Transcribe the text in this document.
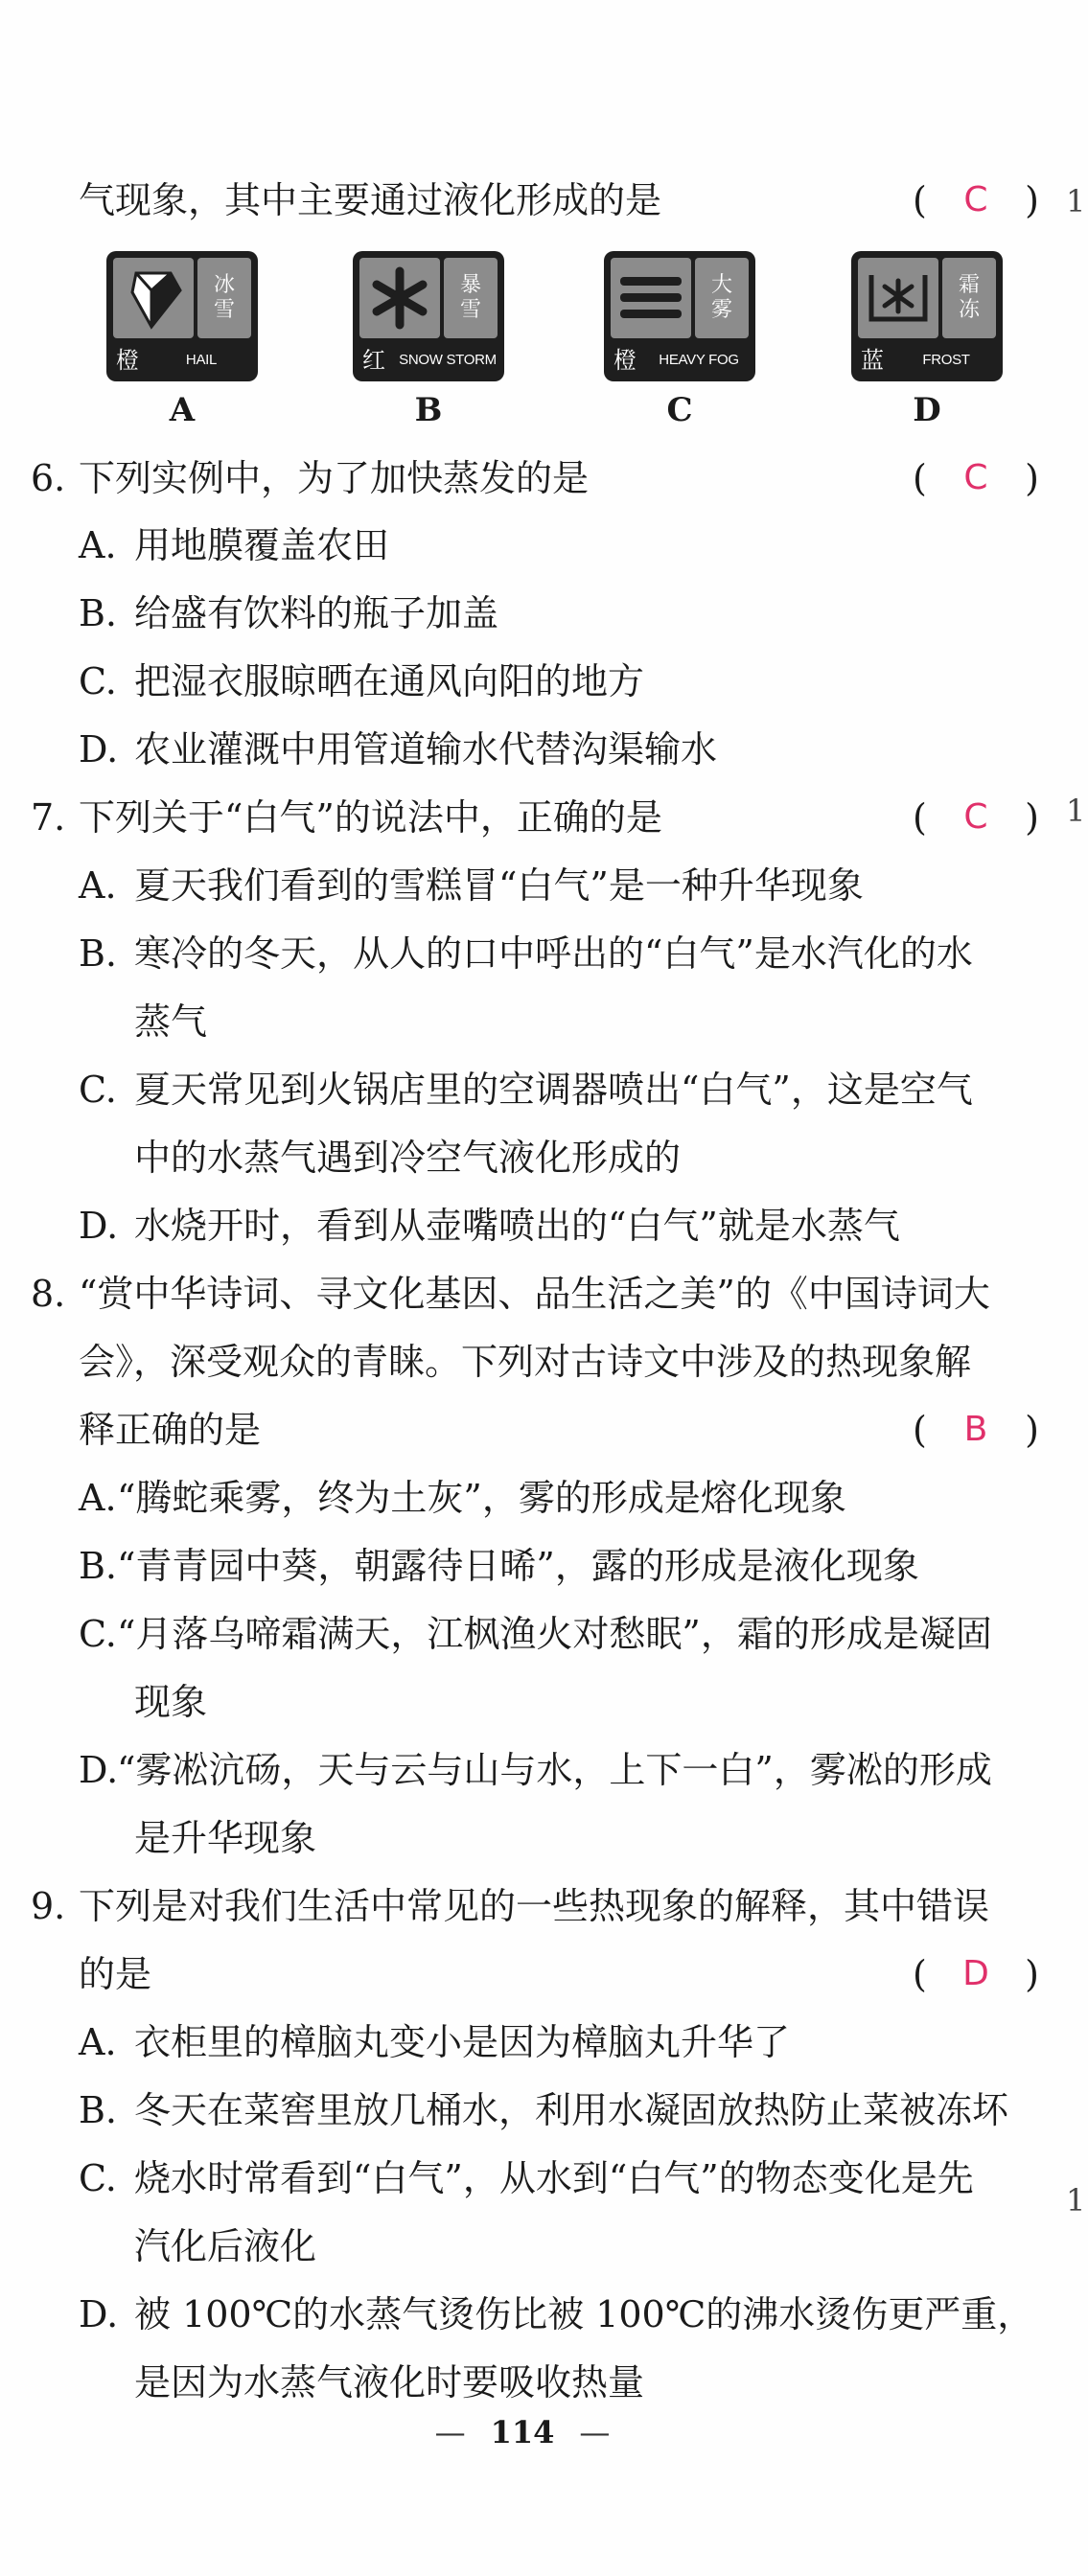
气现象，其中主要通过液化形成的是	(	C	)
冰
雪
橙	HAIL
A
暴
雪
红 SNOW STORM
B
大
雾
橙	HEAVY FOG
C
霜
冻
蓝	FROST
D
6. 下列实例中，为了加快蒸发的是	(	C	)
A. 用地膜覆盖农田
B. 给盛有饮料的瓶子加盖
C. 把湿衣服晾晒在通风向阳的地方
D. 农业灌溉中用管道输水代替沟渠输水
7. 下列关于“白气”的说法中，正确的是	(	C	)
A. 夏天我们看到的雪糕冒“白气”是一种升华现象
B. 寒冷的冬天，从人的口中呼出的“白气”是水汽化的水
蒸气
C. 夏天常见到火锅店里的空调器喷出“白气”，这是空气
中的水蒸气遇到冷空气液化形成的
D. 水烧开时，看到从壶嘴喷出的“白气”就是水蒸气
8. “赏中华诗词、寻文化基因、品生活之美”的《中国诗词大
会》，深受观众的青睐。下列对古诗文中涉及的热现象解
释正确的是	(	B	)
A. “腾蛇乘雾，终为土灰”，雾的形成是熔化现象
B. “青青园中葵，朝露待日晞”，露的形成是液化现象
C. “月落乌啼霜满天，江枫渔火对愁眠”，霜的形成是凝固
现象
D.
“雾凇沆砀，天与云与山与水，上下一白”，雾凇的形成
是升华现象
9. 下列是对我们生活中常见的一些热现象的解释，其中错误
的是	(	D )
A. 衣柜里的樟脑丸变小是因为樟脑丸升华了
B. 冬天在菜窖里放几桶水，利用水凝固放热防止菜被冻坏
C. 烧水时常看到“白气”，从水到“白气”的物态变化是先
汽化后液化
D. 被 100℃的水蒸气烫伤比被 100℃的沸水烫伤更严重，
是因为水蒸气液化时要吸收热量
— 114 —
1
1
1
